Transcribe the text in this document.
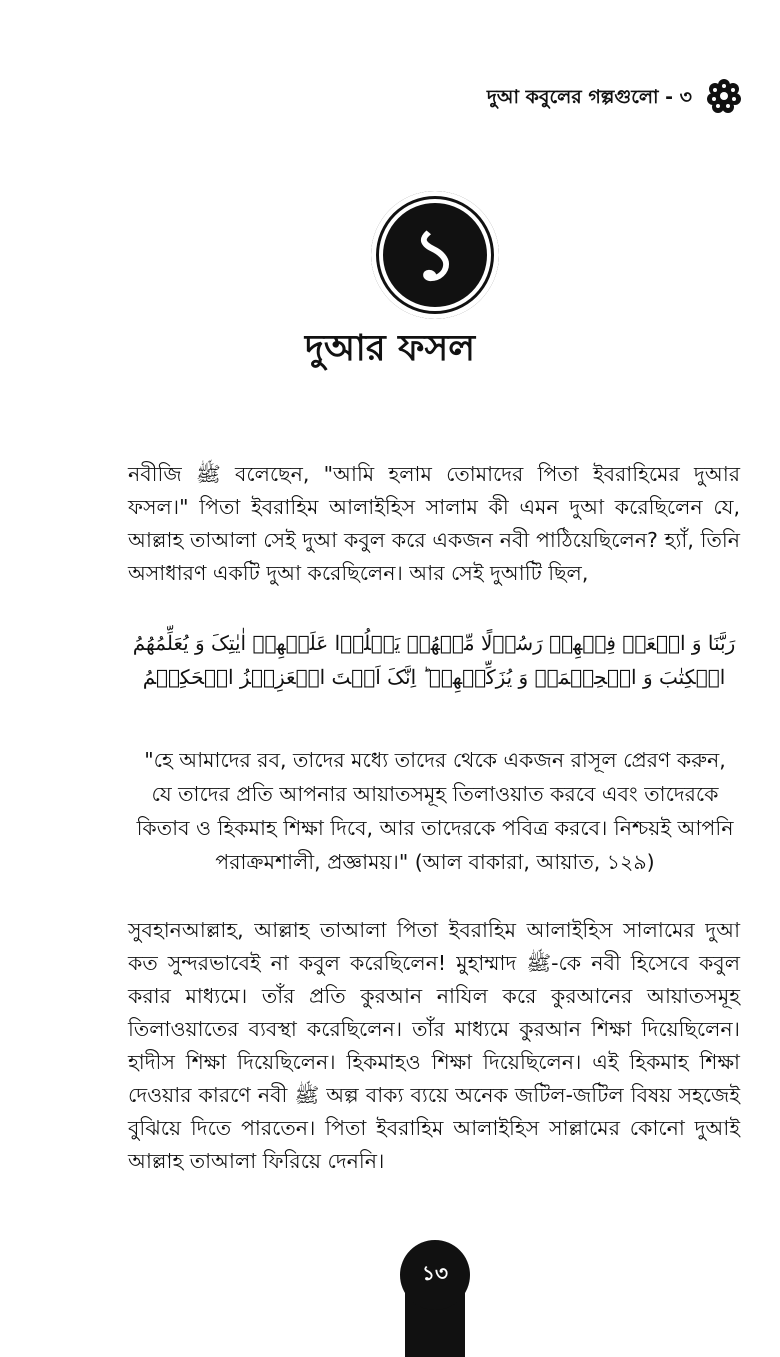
দুআ কবুলের গল্পগুলো - ৩
১
দুআর ফসল

নবীজি ﷺ বলেছেন, "আমি হলাম তোমাদের পিতা ইবরাহিমের দুআর ফসল।" পিতা ইবরাহিম আলাইহিস সালাম কী এমন দুআ করেছিলেন যে, আল্লাহ তাআলা সেই দুআ কবুল করে একজন নবী পাঠিয়েছিলেন? হ্যাঁ, তিনি অসাধারণ একটি দুআ করেছিলেন। আর সেই দুআটি ছিল,

رَبَّنَا وَ ابۡعَثۡ فِیۡهِمۡ رَسُوۡلًا مِّنۡهُمۡ یَتۡلُوۡا عَلَیۡهِمۡ اٰیٰتِکَ وَ یُعَلِّمُهُمُ الۡکِتٰبَ وَ الۡحِکۡمَۃَ وَ یُزَکِّیۡهِمۡ ؕ اِنَّکَ اَنۡتَ الۡعَزِیۡزُ الۡحَکِیۡمُ

"হে আমাদের রব, তাদের মধ্যে তাদের থেকে একজন রাসূল প্রেরণ করুন, যে তাদের প্রতি আপনার আয়াতসমূহ তিলাওয়াত করবে এবং তাদেরকে কিতাব ও হিকমাহ শিক্ষা দিবে, আর তাদেরকে পবিত্র করবে। নিশ্চয়ই আপনি পরাক্রমশালী, প্রজ্ঞাময়।" (আল বাকারা, আয়াত, ১২৯)

সুবহানআল্লাহ, আল্লাহ তাআলা পিতা ইবরাহিম আলাইহিস সালামের দুআ কত সুন্দরভাবেই না কবুল করেছিলেন! মুহাম্মাদ ﷺ-কে নবী হিসেবে কবুল করার মাধ্যমে। তাঁর প্রতি কুরআন নাযিল করে কুরআনের আয়াতসমূহ তিলাওয়াতের ব্যবস্থা করেছিলেন। তাঁর মাধ্যমে কুরআন শিক্ষা দিয়েছিলেন। হাদীস শিক্ষা দিয়েছিলেন। হিকমাহও শিক্ষা দিয়েছিলেন। এই হিকমাহ শিক্ষা দেওয়ার কারণে নবী ﷺ অল্প বাক্য ব্যয়ে অনেক জটিল-জটিল বিষয় সহজেই বুঝিয়ে দিতে পারতেন। পিতা ইবরাহিম আলাইহিস সাল্লামের কোনো দুআই আল্লাহ তাআলা ফিরিয়ে দেননি।

১৩
